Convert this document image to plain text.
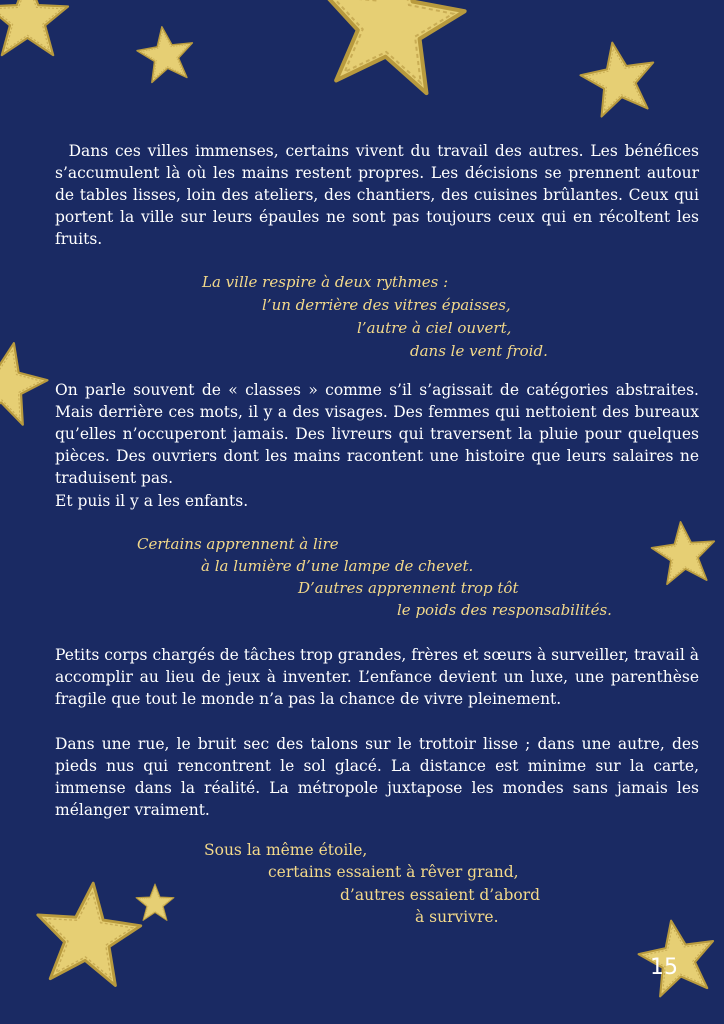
Dans ces villes immenses, certains vivent du travail des autres. Les bénéfices s’accumulent là où les mains restent propres. Les décisions se prennent autour de tables lisses, loin des ateliers, des chantiers, des cuisines brûlantes. Ceux qui portent la ville sur leurs épaules ne sont pas toujours ceux qui en récoltent les fruits.

La ville respire à deux rythmes :
l’un derrière des vitres épaisses,
l’autre à ciel ouvert,
dans le vent froid.

On parle souvent de « classes » comme s’il s’agissait de catégories abstraites. Mais derrière ces mots, il y a des visages. Des femmes qui nettoient des bureaux qu’elles n’occuperont jamais. Des livreurs qui traversent la pluie pour quelques pièces. Des ouvriers dont les mains racontent une histoire que leurs salaires ne traduisent pas.

Et puis il y a les enfants.

Certains apprennent à lire
à la lumière d’une lampe de chevet.
D’autres apprennent trop tôt
le poids des responsabilités.

Petits corps chargés de tâches trop grandes, frères et sœurs à surveiller, travail à accomplir au lieu de jeux à inventer. L’enfance devient un luxe, une parenthèse fragile que tout le monde n’a pas la chance de vivre pleinement.

Dans une rue, le bruit sec des talons sur le trottoir lisse ; dans une autre, des pieds nus qui rencontrent le sol glacé. La distance est minime sur la carte, immense dans la réalité. La métropole juxtapose les mondes sans jamais les mélanger vraiment.

Sous la même étoile,
certains essaient à rêver grand,
d’autres essaient d’abord
à survivre.
15
